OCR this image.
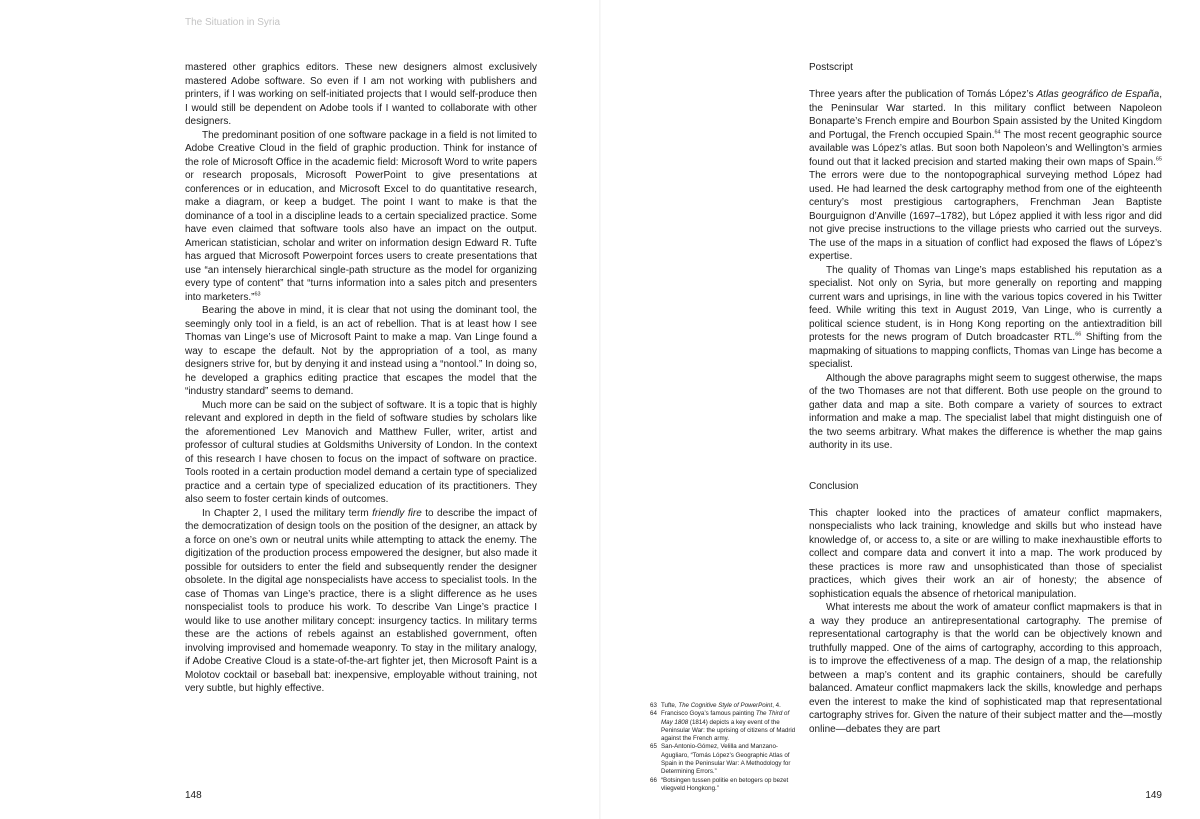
The Situation in Syria

mastered other graphics editors. These new designers almost exclusively mastered Adobe software. So even if I am not working with publishers and printers, if I was working on self-initiated projects that I would self-produce then I would still be dependent on Adobe tools if I wanted to collaborate with other designers.

The predominant position of one software package in a field is not limited to Adobe Creative Cloud in the field of graphic production. Think for instance of the role of Microsoft Office in the academic field: Microsoft Word to write papers or research proposals, Microsoft PowerPoint to give presentations at conferences or in education, and Microsoft Excel to do quantitative research, make a diagram, or keep a budget. The point I want to make is that the dominance of a tool in a discipline leads to a certain specialized practice. Some have even claimed that software tools also have an impact on the output. American statistician, scholar and writer on information design Edward R. Tufte has argued that Microsoft Powerpoint forces users to create presentations that use “an intensely hierarchical single-path structure as the model for organizing every type of content” that “turns information into a sales pitch and presenters into marketers.”$^{63}$

Bearing the above in mind, it is clear that not using the dominant tool, the seemingly only tool in a field, is an act of rebellion. That is at least how I see Thomas van Linge’s use of Microsoft Paint to make a map. Van Linge found a way to escape the default. Not by the appropriation of a tool, as many designers strive for, but by denying it and instead using a “nontool.” In doing so, he developed a graphics editing practice that escapes the model that the “industry standard” seems to demand.

Much more can be said on the subject of software. It is a topic that is highly relevant and explored in depth in the field of software studies by scholars like the aforementioned Lev Manovich and Matthew Fuller, writer, artist and professor of cultural studies at Goldsmiths University of London. In the context of this research I have chosen to focus on the impact of software on practice. Tools rooted in a certain production model demand a certain type of specialized practice and a certain type of specialized education of its practitioners. They also seem to foster certain kinds of outcomes.

In Chapter 2, I used the military term friendly fire to describe the impact of the democratization of design tools on the position of the designer, an attack by a force on one’s own or neutral units while attempting to attack the enemy. The digitization of the production process empowered the designer, but also made it possible for outsiders to enter the field and subsequently render the designer obsolete. In the digital age nonspecialists have access to specialist tools. In the case of Thomas van Linge’s practice, there is a slight difference as he uses nonspecialist tools to produce his work. To describe Van Linge’s practice I would like to use another military concept: insurgency tactics. In military terms these are the actions of rebels against an established government, often involving improvised and homemade weaponry. To stay in the military analogy, if Adobe Creative Cloud is a state-of-the-art fighter jet, then Microsoft Paint is a Molotov cocktail or baseball bat: inexpensive, employable without training, not very subtle, but highly effective.

148
Postscript

Three years after the publication of Tomás López’s Atlas geográfico de España, the Peninsular War started. In this military conflict between Napoleon Bonaparte’s French empire and Bourbon Spain assisted by the United Kingdom and Portugal, the French occupied Spain.$^{64}$ The most recent geographic source available was López’s atlas. But soon both Napoleon’s and Wellington’s armies found out that it lacked precision and started making their own maps of Spain.$^{65}$ The errors were due to the nontopographical surveying method López had used. He had learned the desk cartography method from one of the eighteenth century’s most prestigious cartographers, Frenchman Jean Baptiste Bourguignon d’Anville (1697–1782), but López applied it with less rigor and did not give precise instructions to the village priests who carried out the surveys. The use of the maps in a situation of conflict had exposed the flaws of López’s expertise.

The quality of Thomas van Linge’s maps established his reputation as a specialist. Not only on Syria, but more generally on reporting and mapping current wars and uprisings, in line with the various topics covered in his Twitter feed. While writing this text in August 2019, Van Linge, who is currently a political science student, is in Hong Kong reporting on the antiextradition bill protests for the news program of Dutch broadcaster RTL.$^{66}$ Shifting from the mapmaking of situations to mapping conflicts, Thomas van Linge has become a specialist.

Although the above paragraphs might seem to suggest otherwise, the maps of the two Thomases are not that different. Both use people on the ground to gather data and map a site. Both compare a variety of sources to extract information and make a map. The specialist label that might distinguish one of the two seems arbitrary. What makes the difference is whether the map gains authority in its use.

Conclusion

This chapter looked into the practices of amateur conflict mapmakers, nonspecialists who lack training, knowledge and skills but who instead have knowledge of, or access to, a site or are willing to make inexhaustible efforts to collect and compare data and convert it into a map. The work produced by these practices is more raw and unsophisticated than those of specialist practices, which gives their work an air of honesty; the absence of sophistication equals the absence of rhetorical manipulation.

What interests me about the work of amateur conflict mapmakers is that in a way they produce an antirepresentational cartography. The premise of representational cartography is that the world can be objectively known and truthfully mapped. One of the aims of cartography, according to this approach, is to improve the effectiveness of a map. The design of a map, the relationship between a map’s content and its graphic containers, should be carefully balanced. Amateur conflict mapmakers lack the skills, knowledge and perhaps even the interest to make the kind of sophisticated map that representational cartography strives for. Given the nature of their subject matter and the—mostly online—debates they are part

63 Tufte, The Cognitive Style of PowerPoint, 4.
64 Francisco Goya’s famous painting The Third of May 1808 (1814) depicts a key event of the Peninsular War: the uprising of citizens of Madrid against the French army.
65 San-Antonio-Gómez, Velilla and Manzano-Agugliaro, “Tomás López’s Geographic Atlas of Spain in the Peninsular War: A Methodology for Determining Errors.”
66 “Botsingen tussen politie en betogers op bezet vliegveld Hongkong.”
149
